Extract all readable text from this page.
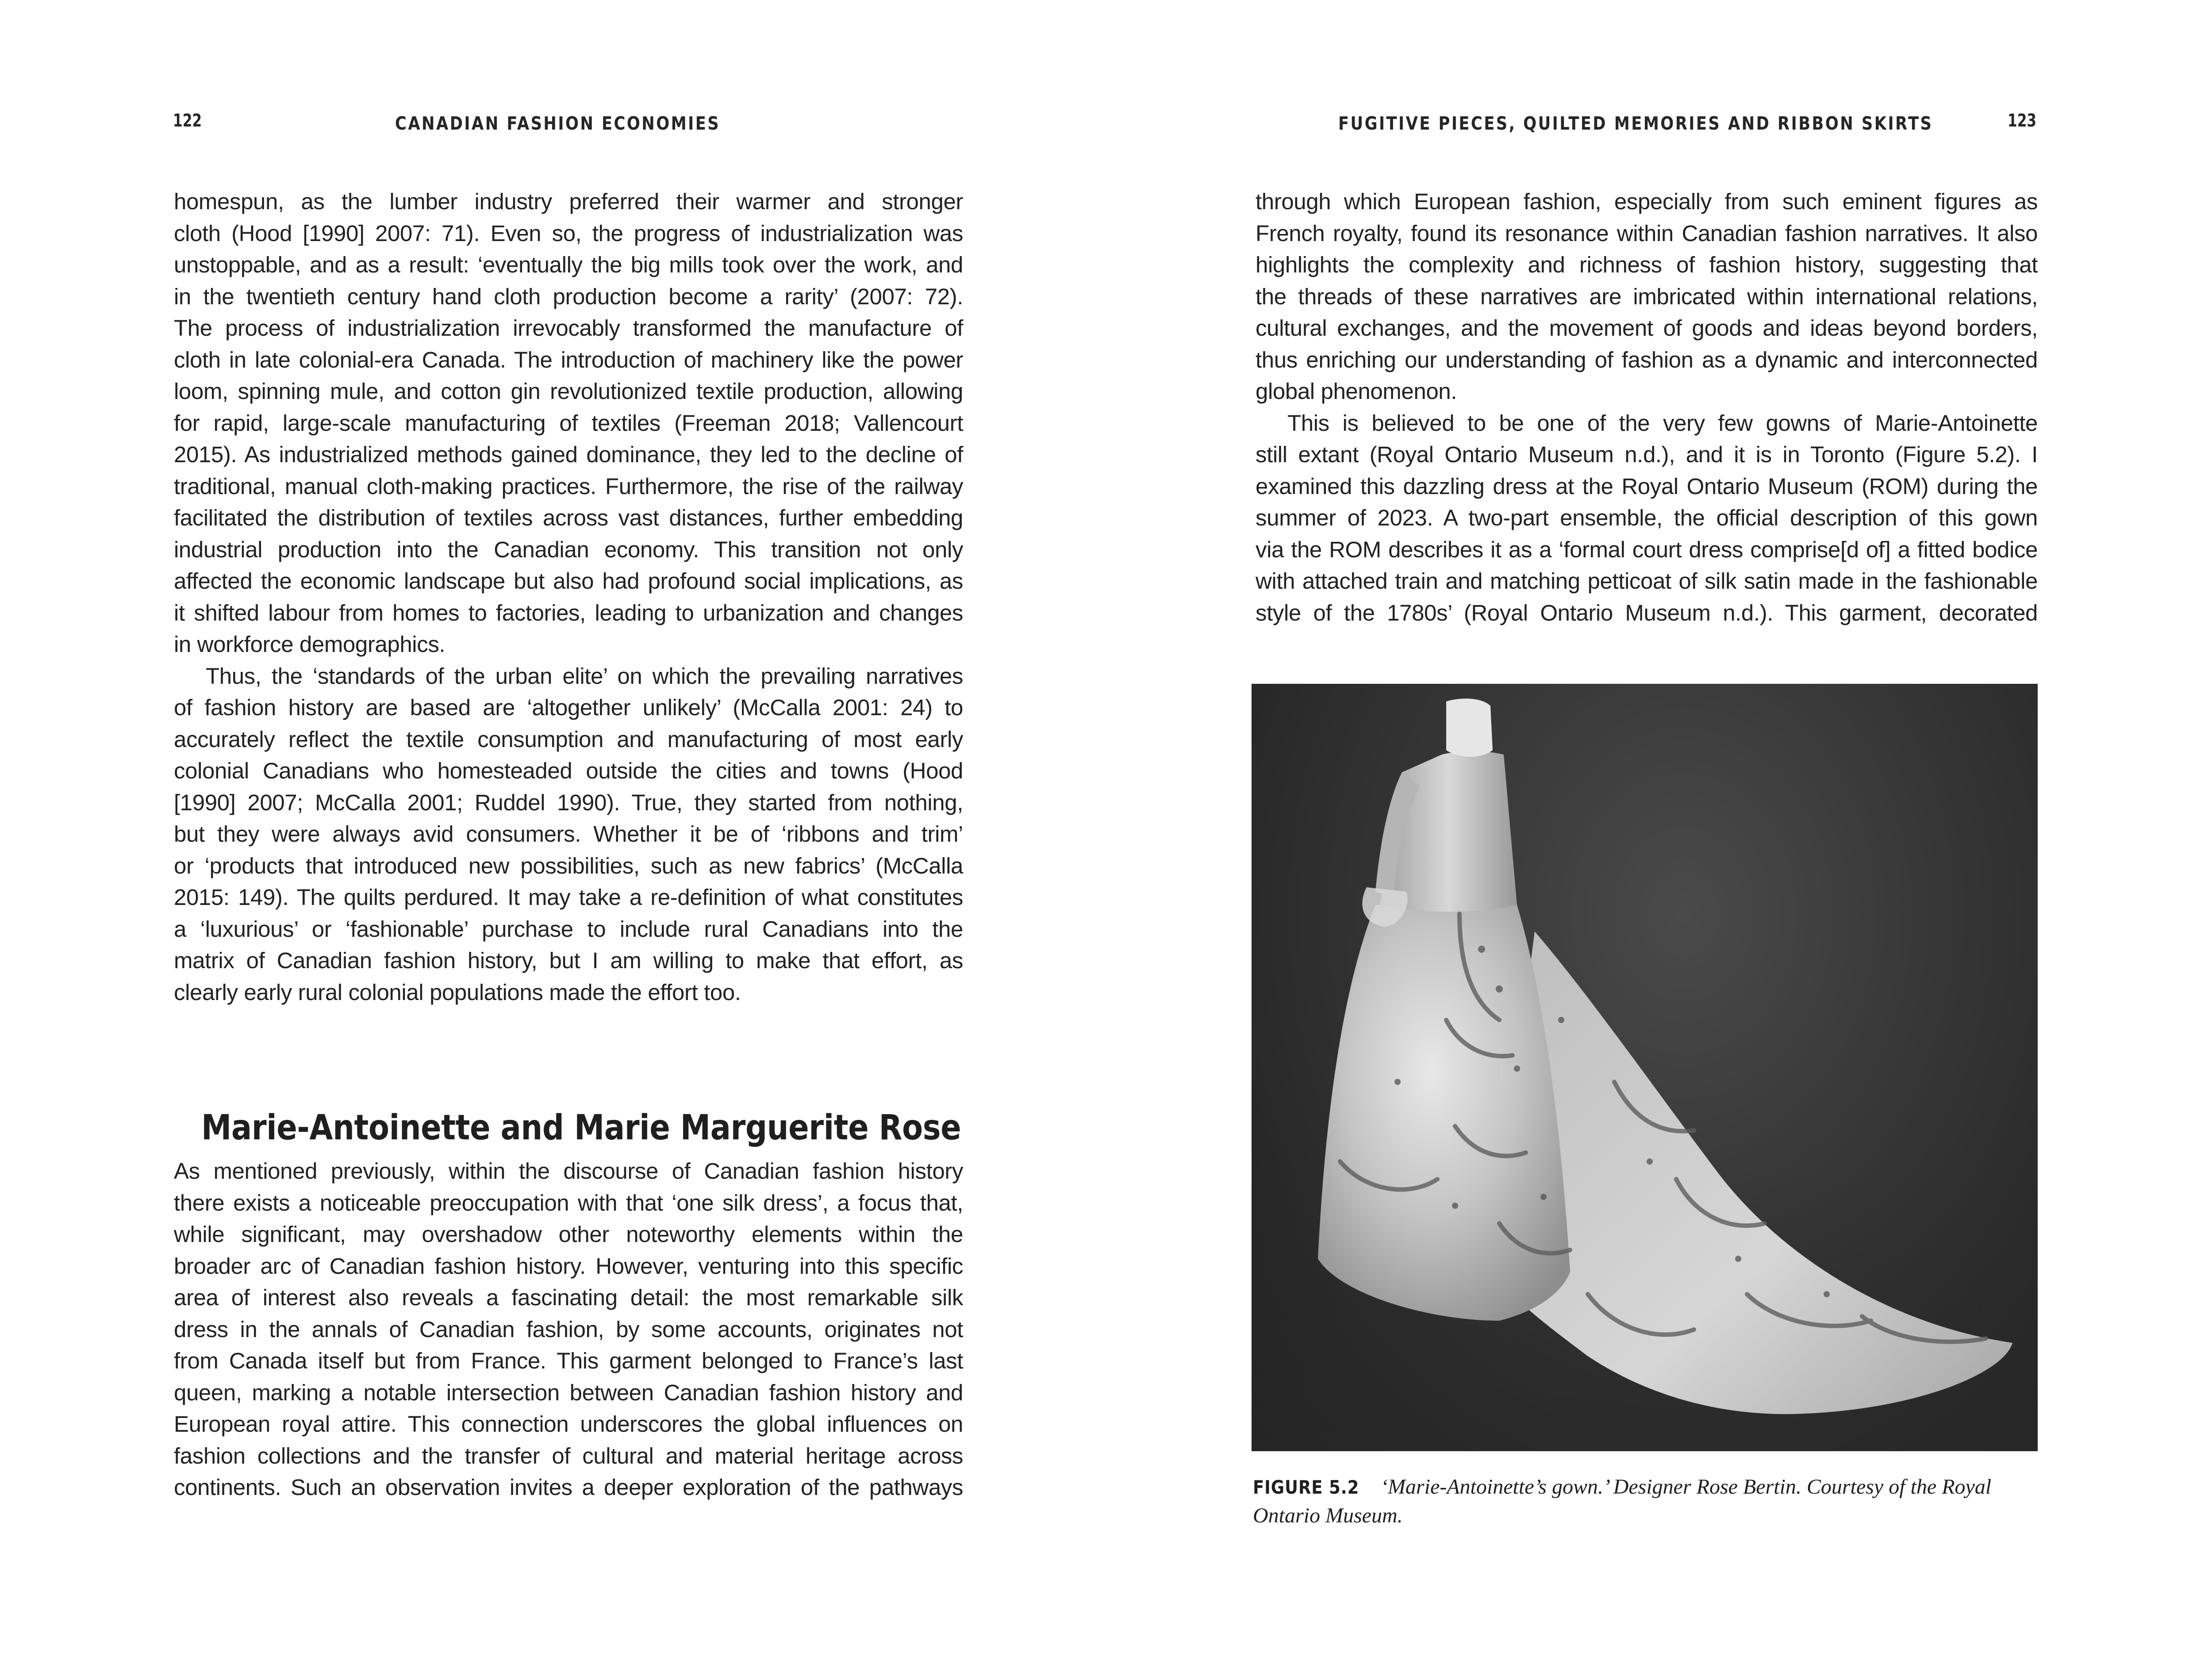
122	CANADIAN FASHION ECONOMIES
homespun, as the lumber industry preferred their warmer and stronger
cloth (Hood [1990] 2007: 71). Even so, the progress of industrialization was
unstoppable, and as a result: ‘eventually the big mills took over the work, and
in the twentieth century hand cloth production become a rarity’ (2007: 72).
The process of industrialization irrevocably transformed the manufacture of
cloth in late colonial-era Canada. The introduction of machinery like the power
loom, spinning mule, and cotton gin revolutionized textile production, allowing
for rapid, large-scale manufacturing of textiles (Freeman 2018; Vallencourt
2015). As industrialized methods gained dominance, they led to the decline of
traditional, manual cloth-making practices. Furthermore, the rise of the railway
facilitated the distribution of textiles across vast distances, further embedding
industrial production into the Canadian economy. This transition not only
affected the economic landscape but also had profound social implications, as
it shifted labour from homes to factories, leading to urbanization and changes
in workforce demographics.
Thus, the ‘standards of the urban elite’ on which the prevailing narratives
of fashion history are based are ‘altogether unlikely’ (McCalla 2001: 24) to
accurately reflect the textile consumption and manufacturing of most early
colonial Canadians who homesteaded outside the cities and towns (Hood
[1990] 2007; McCalla 2001; Ruddel 1990). True, they started from nothing,
but they were always avid consumers. Whether it be of ‘ribbons and trim’
or ‘products that introduced new possibilities, such as new fabrics’ (McCalla
2015: 149). The quilts perdured. It may take a re-definition of what constitutes
a ‘luxurious’ or ‘fashionable’ purchase to include rural Canadians into the
matrix of Canadian fashion history, but I am willing to make that effort, as
clearly early rural colonial populations made the effort too.
Marie-Antoinette and Marie Marguerite Rose
As mentioned previously, within the discourse of Canadian fashion history
there exists a noticeable preoccupation with that ‘one silk dress’, a focus that,
while significant, may overshadow other noteworthy elements within the
broader arc of Canadian fashion history. However, venturing into this specific
area of interest also reveals a fascinating detail: the most remarkable silk
dress in the annals of Canadian fashion, by some accounts, originates not
from Canada itself but from France. This garment belonged to France’s last
queen, marking a notable intersection between Canadian fashion history and
European royal attire. This connection underscores the global influences on
fashion collections and the transfer of cultural and material heritage across
continents. Such an observation invites a deeper exploration of the pathways
FUGITIVE PIECES, QUILTED MEMORIES AND RIBBON SKIRTS	123
through which European fashion, especially from such eminent figures as
French royalty, found its resonance within Canadian fashion narratives. It also
highlights the complexity and richness of fashion history, suggesting that
the threads of these narratives are imbricated within international relations,
cultural exchanges, and the movement of goods and ideas beyond borders,
thus enriching our understanding of fashion as a dynamic and interconnected
global phenomenon.
This is believed to be one of the very few gowns of Marie-Antoinette
still extant (Royal Ontario Museum n.d.), and it is in Toronto (Figure 5.2). I
examined this dazzling dress at the Royal Ontario Museum (ROM) during the
summer of 2023. A two-part ensemble, the official description of this gown
via the ROM describes it as a ‘formal court dress comprise[d of] a fitted bodice
with attached train and matching petticoat of silk satin made in the fashionable
style of the 1780s’ (Royal Ontario Museum n.d.). This garment, decorated
FIGURE 5.2 ‘Marie-Antoinette’s gown.’ Designer Rose Bertin. Courtesy of the Royal Ontario Museum.
